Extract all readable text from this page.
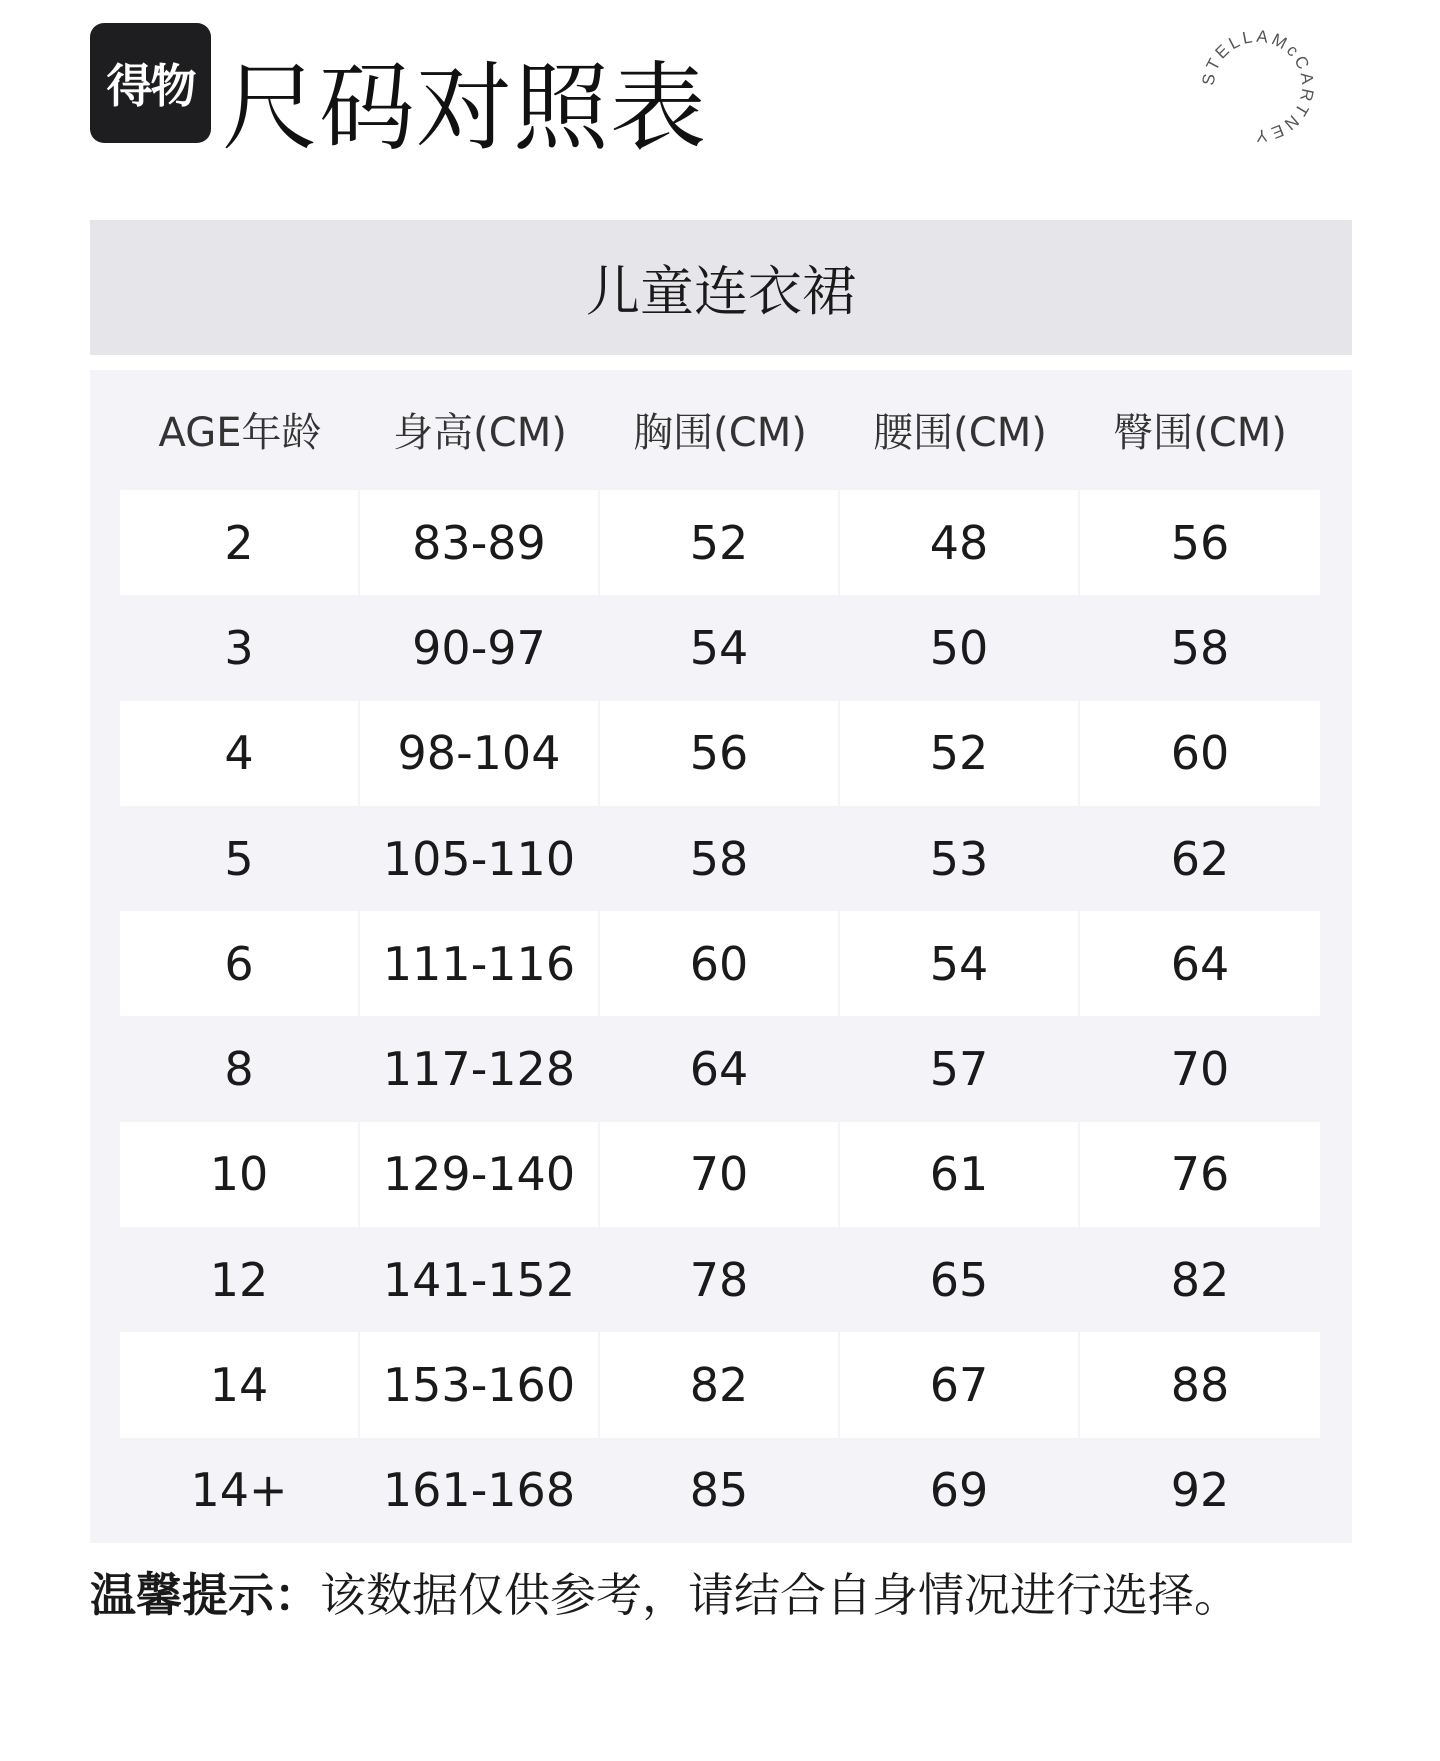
得物 尺码对照表	STELLAMcCARTNEY
儿童连衣裙
AGE年龄	身高(CM)	胸围(CM)	腰围(CM)	臀围(CM)
2	83-89	52	48	56
3	90-97	54	50	58
4	98-104	56	52	60
5	105-110	58	53	62
6	111-116	60	54	64
8	117-128	64	57	70
10	129-140	70	61	76
12	141-152	78	65	82
14	153-160	82	67	88
14+	161-168	85	69	92
温馨提示：该数据仅供参考，请结合自身情况进行选择。
